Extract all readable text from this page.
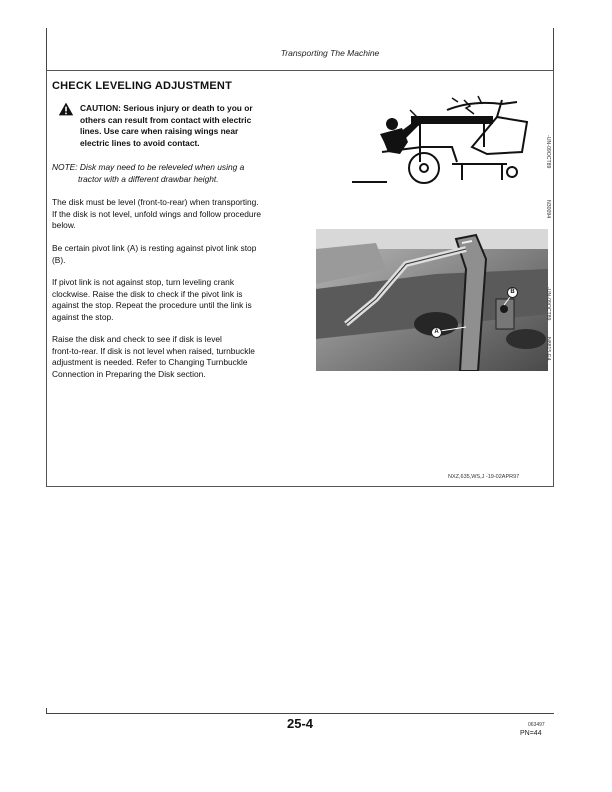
Transporting The Machine
CHECK LEVELING ADJUSTMENT
CAUTION: Serious injury or death to you or
others can result from contact with electric
lines. Use care when raising wings near
electric lines to avoid contact.
NOTE: Disk may need to be releveled when using a
tractor with a different drawbar height.
The disk must be level (front-to-rear) when transporting.
If the disk is not level, unfold wings and follow procedure
below.
Be certain pivot link (A) is resting against pivot link stop
(B).
If pivot link is not against stop, turn leveling crank
clockwise. Raise the disk to check if the pivot link is
against the stop. Repeat the procedure until the link is
against the stop.
Raise the disk and check to see if disk is level
front-to-rear. If disk is not level when raised, turnbuckle
adjustment is needed. Refer to Changing Turnbuckle
Connection in Preparing the Disk section.
-UN-09OCT89
N30094
A
B	-UN-09OCT89
N8815-E4
NXZ,635,WS,J -19-02APR97
25-4	063497
PN=44
